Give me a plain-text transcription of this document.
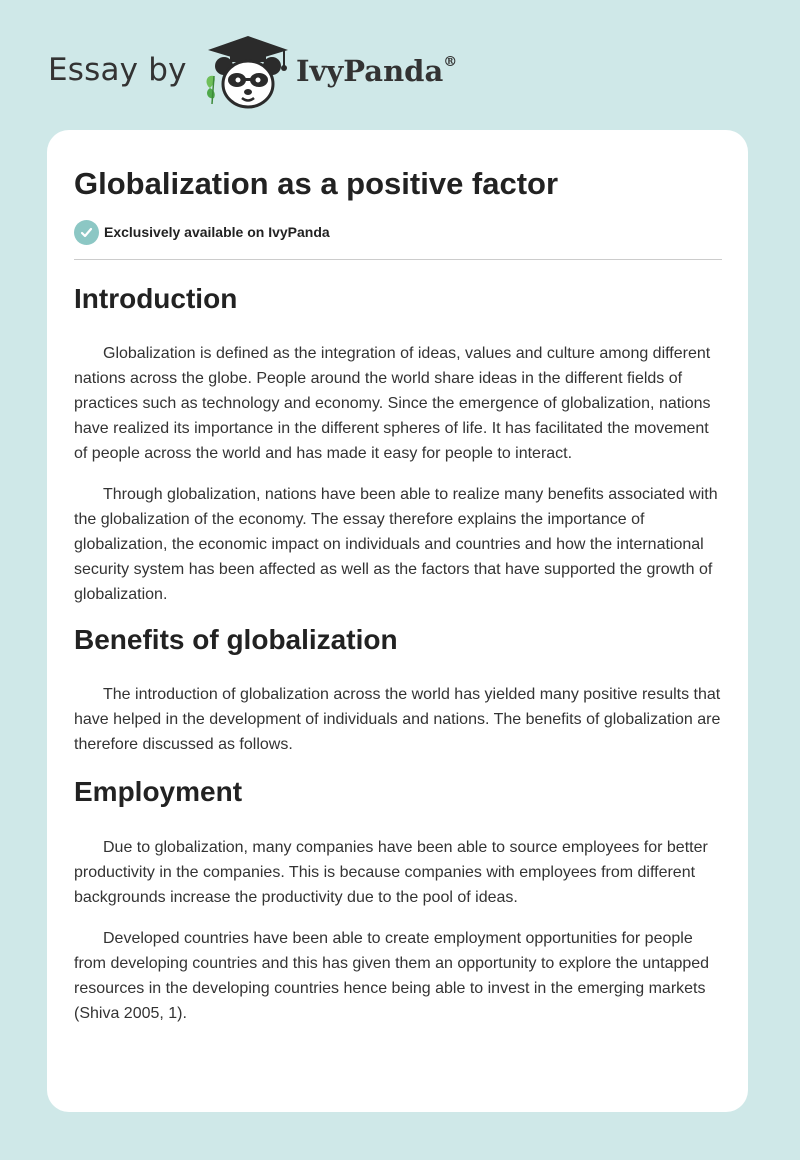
Essay by	IvyPanda®
Globalization as a positive factor
Exclusively available on IvyPanda
Introduction

Globalization is defined as the integration of ideas, values and culture among different nations across the globe. People around the world share ideas in the different fields of practices such as technology and economy. Since the emergence of globalization, nations have realized its importance in the different spheres of life. It has facilitated the movement of people across the world and has made it easy for people to interact.

Through globalization, nations have been able to realize many benefits associated with the globalization of the economy. The essay therefore explains the importance of globalization, the economic impact on individuals and countries and how the international security system has been affected as well as the factors that have supported the growth of globalization.

Benefits of globalization

The introduction of globalization across the world has yielded many positive results that have helped in the development of individuals and nations. The benefits of globalization are therefore discussed as follows.

Employment

Due to globalization, many companies have been able to source employees for better productivity in the companies. This is because companies with employees from different backgrounds increase the productivity due to the pool of ideas.

Developed countries have been able to create employment opportunities for people from developing countries and this has given them an opportunity to explore the untapped resources in the developing countries hence being able to invest in the emerging markets (Shiva 2005, 1).
